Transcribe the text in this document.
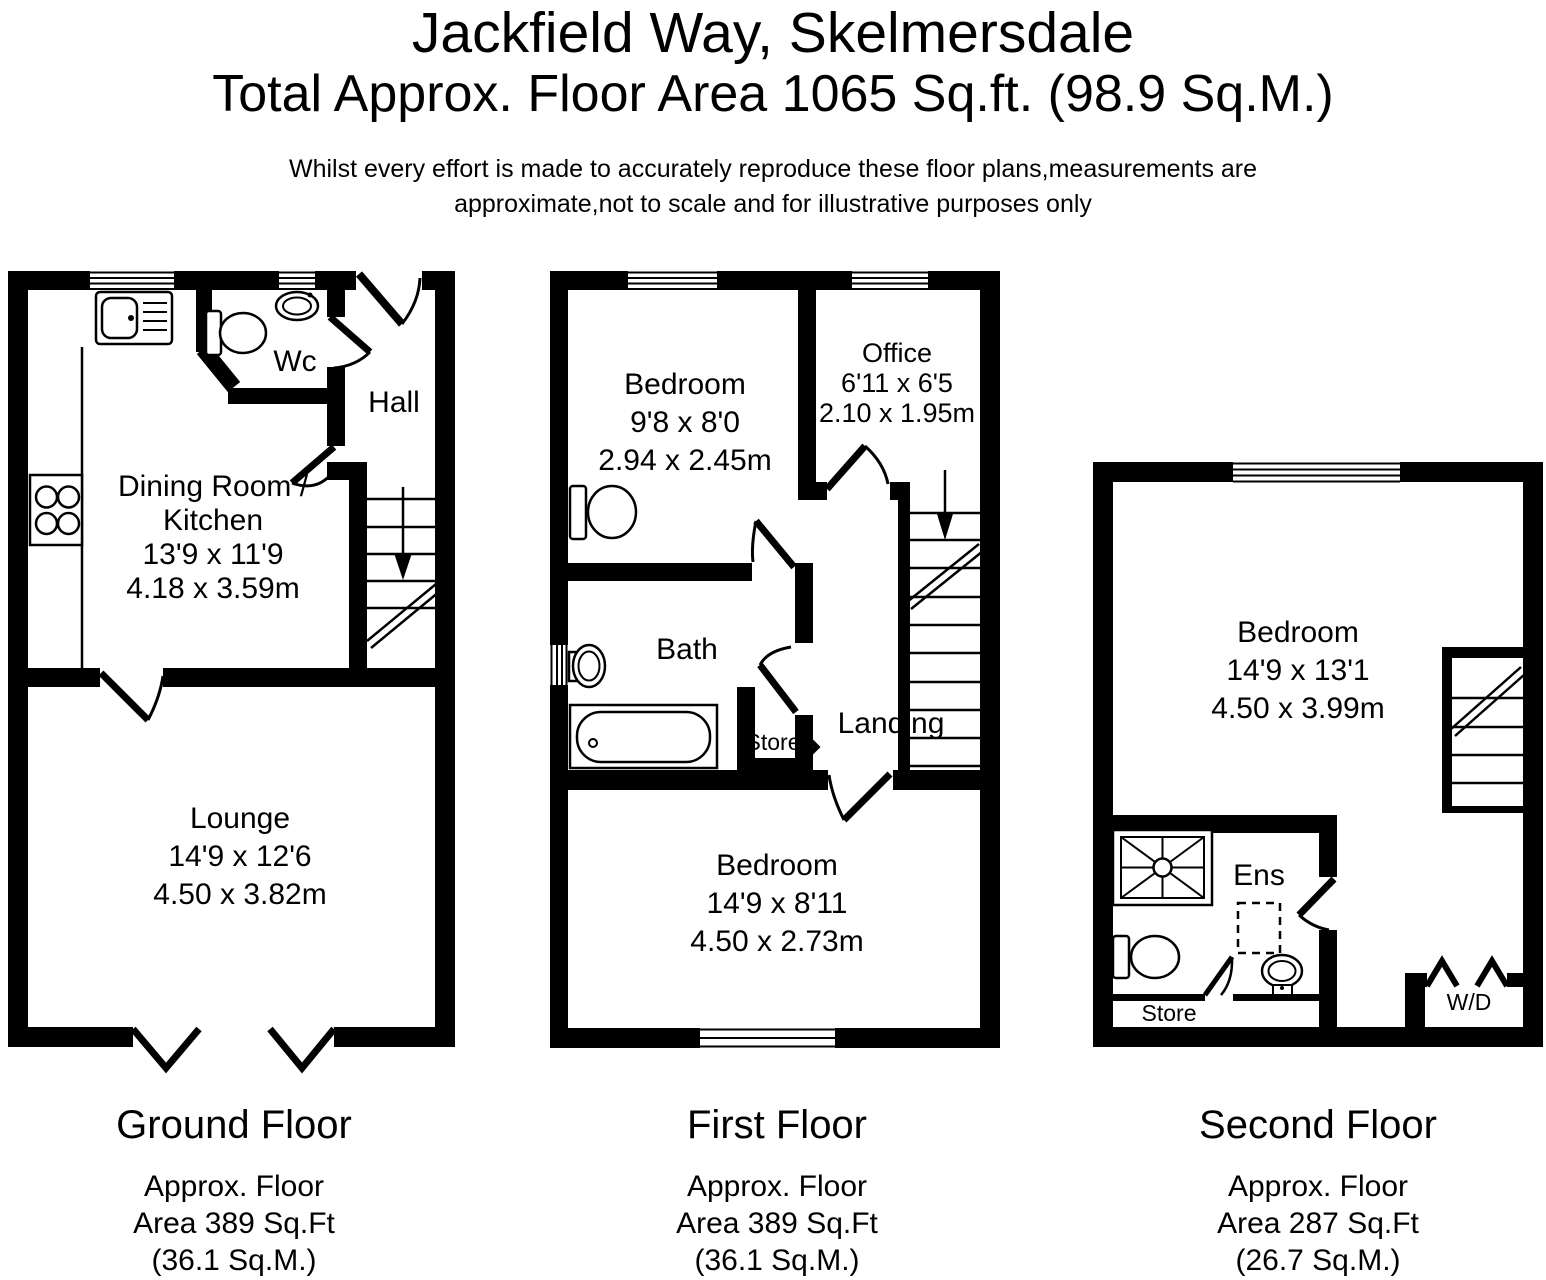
Jackfield Way, Skelmersdale
Total Approx. Floor Area 1065 Sq.ft. (98.9 Sq.M.)
Whilst every effort is made to accurately reproduce these floor plans,measurements are
approximate,not to scale and for illustrative purposes only
Wc
Hall
Dining Room /
Kitchen
13'9 x 11'9
4.18 x 3.59m
Lounge
14'9 x 12'6
4.50 x 3.82m
Bedroom
9'8 x 8'0
2.94 x 2.45m
Office
6'11 x 6'5
2.10 x 1.95m
Bath
Store
Landing
Bedroom
14'9 x 8'11
4.50 x 2.73m
Bedroom
14'9 x 13'1
4.50 x 3.99m
Ens
Store	W/D
Ground Floor
Approx. Floor
Area 389 Sq.Ft
(36.1 Sq.M.)
First Floor
Approx. Floor
Area 389 Sq.Ft
(36.1 Sq.M.)
Second Floor
Approx. Floor
Area 287 Sq.Ft
(26.7 Sq.M.)
